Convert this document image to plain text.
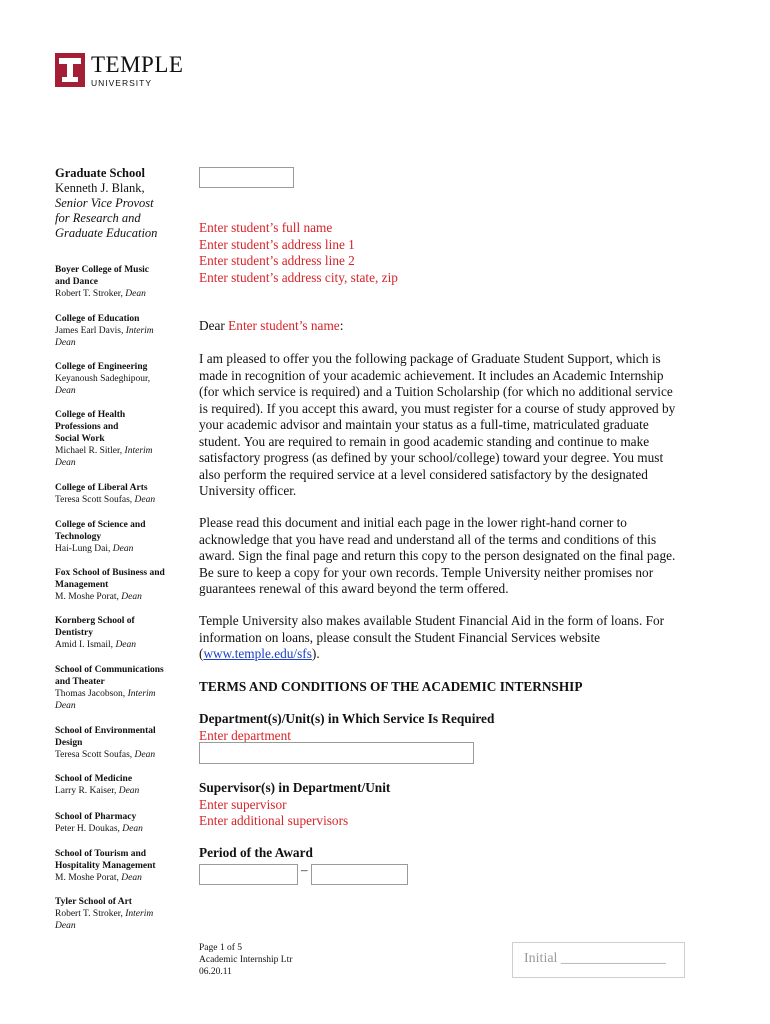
TEMPLE
UNIVERSITY
Graduate School
Kenneth J. Blank,
Senior Vice Provost
for Research and
Graduate Education
Boyer College of Music
and Dance
Robert T. Stroker, Dean
College of Education
James Earl Davis, Interim Dean
College of Engineering
Keyanoush Sadeghipour, Dean
College of Health
Professions and
Social Work
Michael R. Sitler, Interim Dean
College of Liberal Arts
Teresa Scott Soufas, Dean
College of Science and
Technology
Hai-Lung Dai, Dean
Fox School of Business and
Management
M. Moshe Porat, Dean
Kornberg School of
Dentistry
Amid I. Ismail, Dean
School of Communications
and Theater
Thomas Jacobson, Interim Dean
School of Environmental
Design
Teresa Scott Soufas, Dean
School of Medicine
Larry R. Kaiser, Dean
School of Pharmacy
Peter H. Doukas, Dean
School of Tourism and
Hospitality Management
M. Moshe Porat, Dean
Tyler School of Art
Robert T. Stroker, Interim Dean
Enter student’s full name
Enter student’s address line 1
Enter student’s address line 2
Enter student’s address city, state, zip
Dear Enter student’s name:
I am pleased to offer you the following package of Graduate Student Support, which is made in recognition of your academic achievement. It includes an Academic Internship (for which service is required) and a Tuition Scholarship (for which no additional service is required). If you accept this award, you must register for a course of study approved by your academic advisor and maintain your status as a full-time, matriculated graduate student. You are required to remain in good academic standing and continue to make satisfactory progress (as defined by your school/college) toward your degree. You must also perform the required service at a level considered satisfactory by the designated University officer.
Please read this document and initial each page in the lower right-hand corner to acknowledge that you have read and understand all of the terms and conditions of this award. Sign the final page and return this copy to the person designated on the final page. Be sure to keep a copy for your own records. Temple University neither promises nor guarantees renewal of this award beyond the term offered.
Temple University also makes available Student Financial Aid in the form of loans. For information on loans, please consult the Student Financial Services website (www.temple.edu/sfs).
TERMS AND CONDITIONS OF THE ACADEMIC INTERNSHIP
Department(s)/Unit(s) in Which Service Is Required
Enter department
Supervisor(s) in Department/Unit
Enter supervisor
Enter additional supervisors
Period of the Award
–
Page 1 of 5
Academic Internship Ltr
06.20.11
Initial _______________
